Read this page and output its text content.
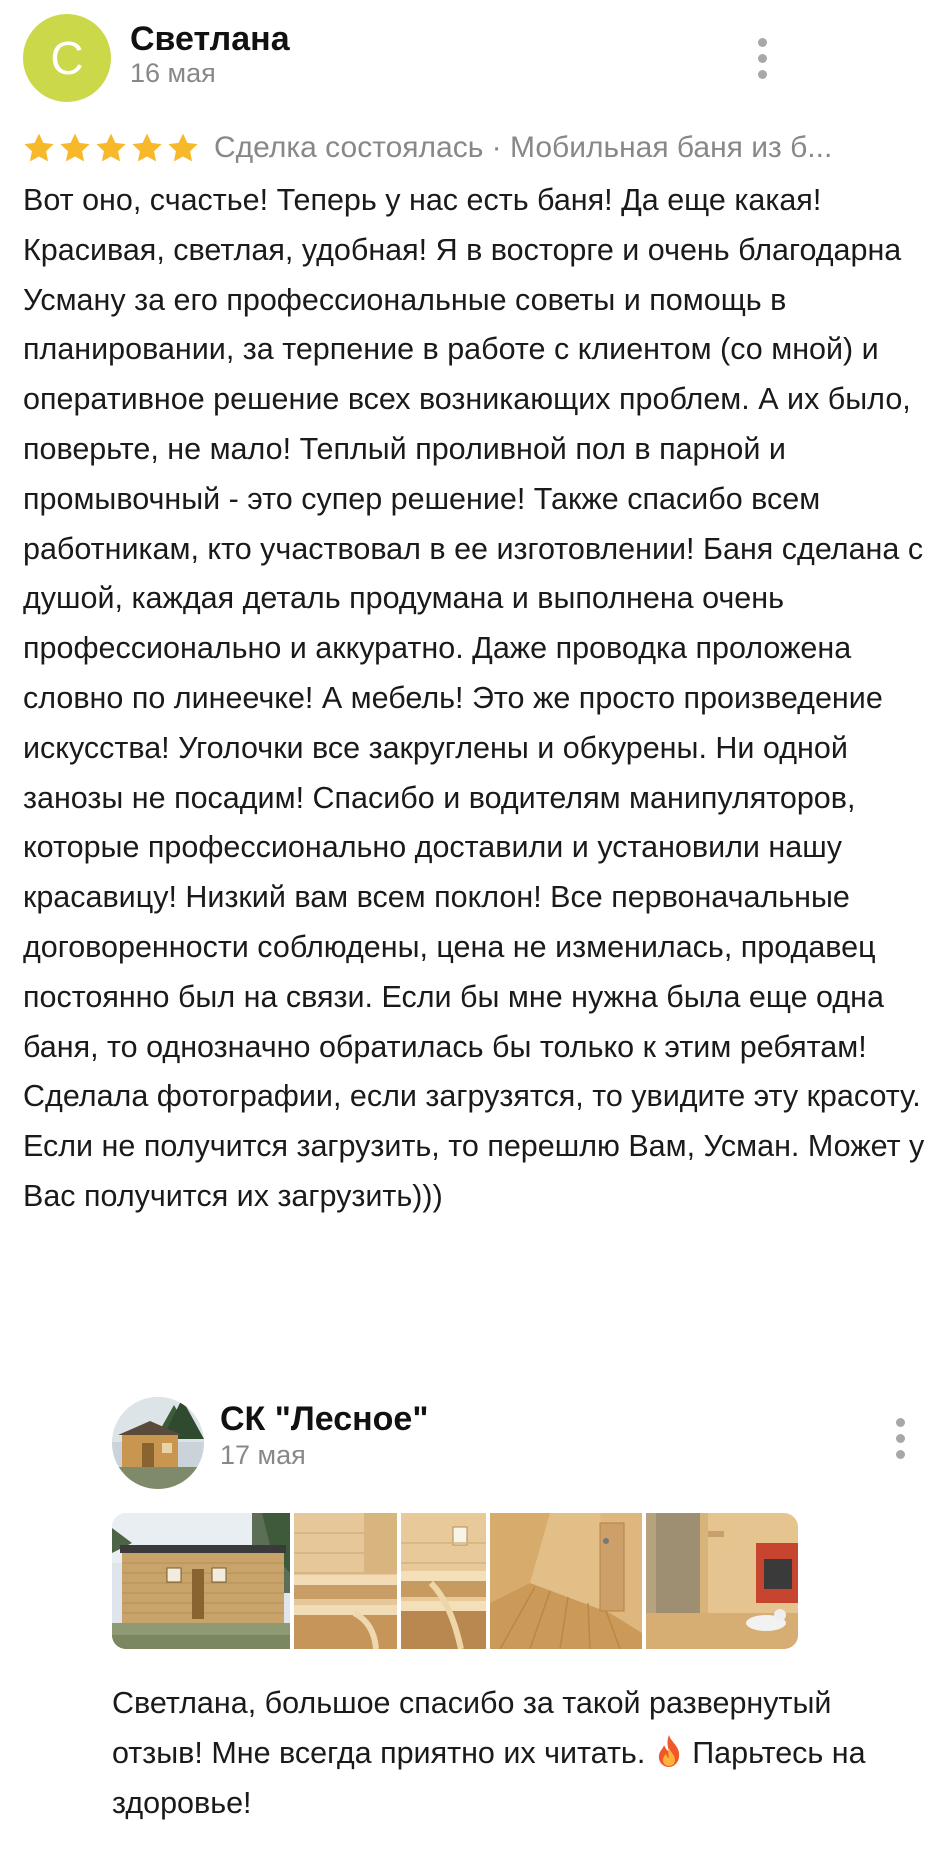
С	Светлана
16 мая
Сделка состоялась · Мобильная баня из б...

Вот оно, счастье! Теперь у нас есть баня! Да еще какая! Красивая, светлая, удобная! Я в восторге и очень благодарна Усману за его профессиональные советы и помощь в планировании, за терпение в работе с клиентом (со мной) и оперативное решение всех возникающих проблем. А их было, поверьте, не мало! Теплый проливной пол в парной и промывочный - это супер решение! Также спасибо всем работникам, кто участвовал в ее изготовлении! Баня сделана с душой, каждая деталь продумана и выполнена очень профессионально и аккуратно. Даже проводка проложена словно по линеечке! А мебель! Это же просто произведение искусства! Уголочки все закруглены и обкурены. Ни одной занозы не посадим! Спасибо и водителям манипуляторов, которые профессионально доставили и установили нашу красавицу! Низкий вам всем поклон! Все первоначальные договоренности соблюдены, цена не изменилась, продавец постоянно был на связи. Если бы мне нужна была еще одна баня, то однозначно обратилась бы только к этим ребятам! Сделала фотографии, если загрузятся, то увидите эту красоту. Если не получится загрузить, то перешлю Вам, Усман. Может у Вас получится их загрузить)))

СК "Лесное"
17 мая

Светлана, большое спасибо за такой развернутый отзыв! Мне всегда приятно их читать.  Парьтесь на здоровье!
